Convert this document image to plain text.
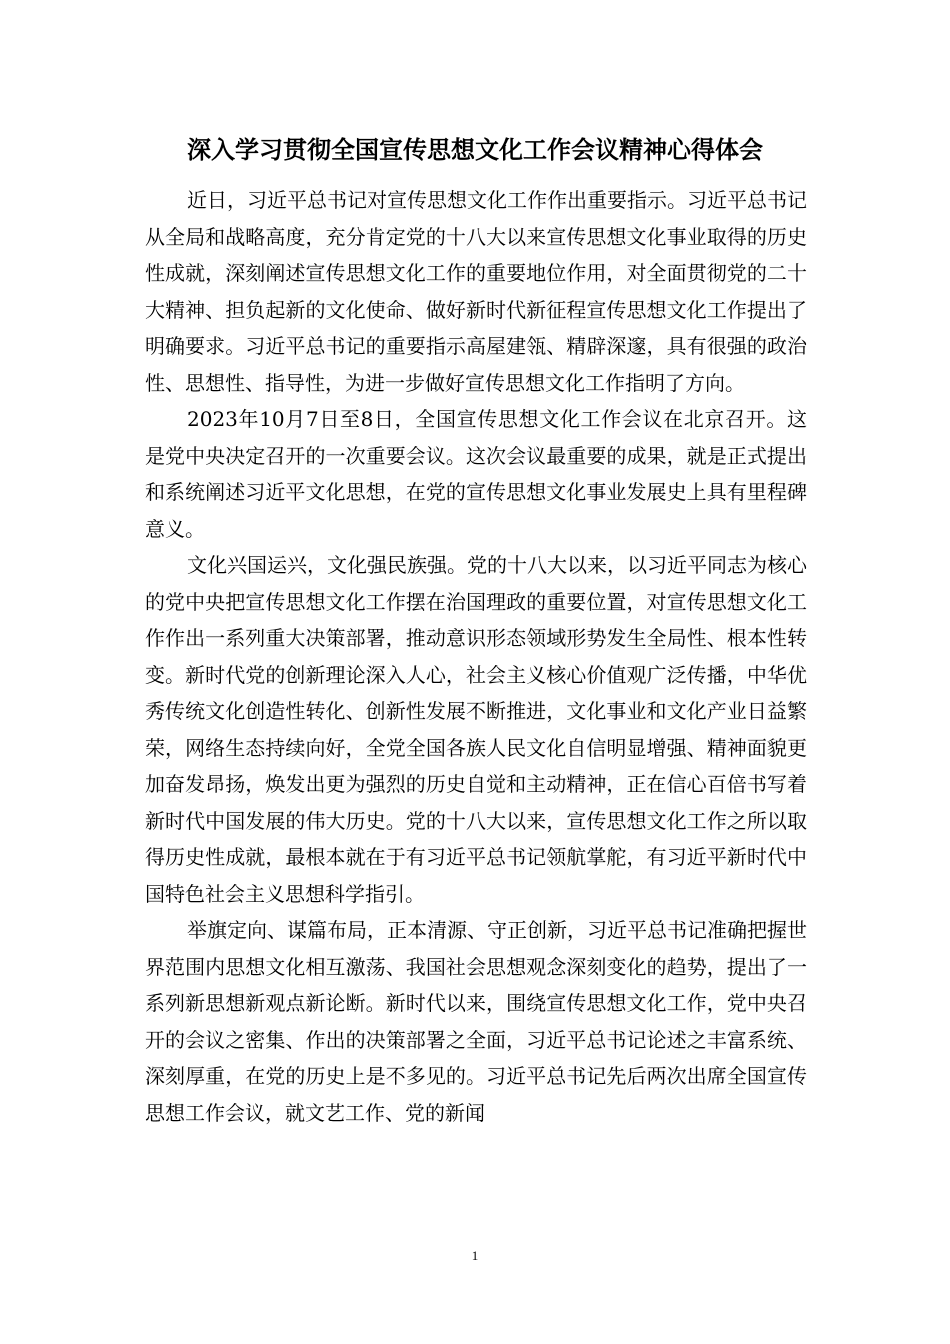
深入学习贯彻全国宣传思想文化工作会议精神心得体会

近日，习近平总书记对宣传思想文化工作作出重要指示。习近平总书记从全局和战略高度，充分肯定党的十八大以来宣传思想文化事业取得的历史性成就，深刻阐述宣传思想文化工作的重要地位作用，对全面贯彻党的二十大精神、担负起新的文化使命、做好新时代新征程宣传思想文化工作提出了明确要求。习近平总书记的重要指示高屋建瓴、精辟深邃，具有很强的政治性、思想性、指导性，为进一步做好宣传思想文化工作指明了方向。

2023年10月7日至8日，全国宣传思想文化工作会议在北京召开。这是党中央决定召开的一次重要会议。这次会议最重要的成果，就是正式提出和系统阐述习近平文化思想，在党的宣传思想文化事业发展史上具有里程碑意义。

文化兴国运兴，文化强民族强。党的十八大以来，以习近平同志为核心的党中央把宣传思想文化工作摆在治国理政的重要位置，对宣传思想文化工作作出一系列重大决策部署，推动意识形态领域形势发生全局性、根本性转变。新时代党的创新理论深入人心，社会主义核心价值观广泛传播，中华优秀传统文化创造性转化、创新性发展不断推进，文化事业和文化产业日益繁荣，网络生态持续向好，全党全国各族人民文化自信明显增强、精神面貌更加奋发昂扬，焕发出更为强烈的历史自觉和主动精神，正在信心百倍书写着新时代中国发展的伟大历史。党的十八大以来，宣传思想文化工作之所以取得历史性成就，最根本就在于有习近平总书记领航掌舵，有习近平新时代中国特色社会主义思想科学指引。

举旗定向、谋篇布局，正本清源、守正创新，习近平总书记准确把握世界范围内思想文化相互激荡、我国社会思想观念深刻变化的趋势，提出了一系列新思想新观点新论断。新时代以来，围绕宣传思想文化工作，党中央召开的会议之密集、作出的决策部署之全面，习近平总书记论述之丰富系统、深刻厚重，在党的历史上是不多见的。习近平总书记先后两次出席全国宣传思想工作会议，就文艺工作、党的新闻

1
